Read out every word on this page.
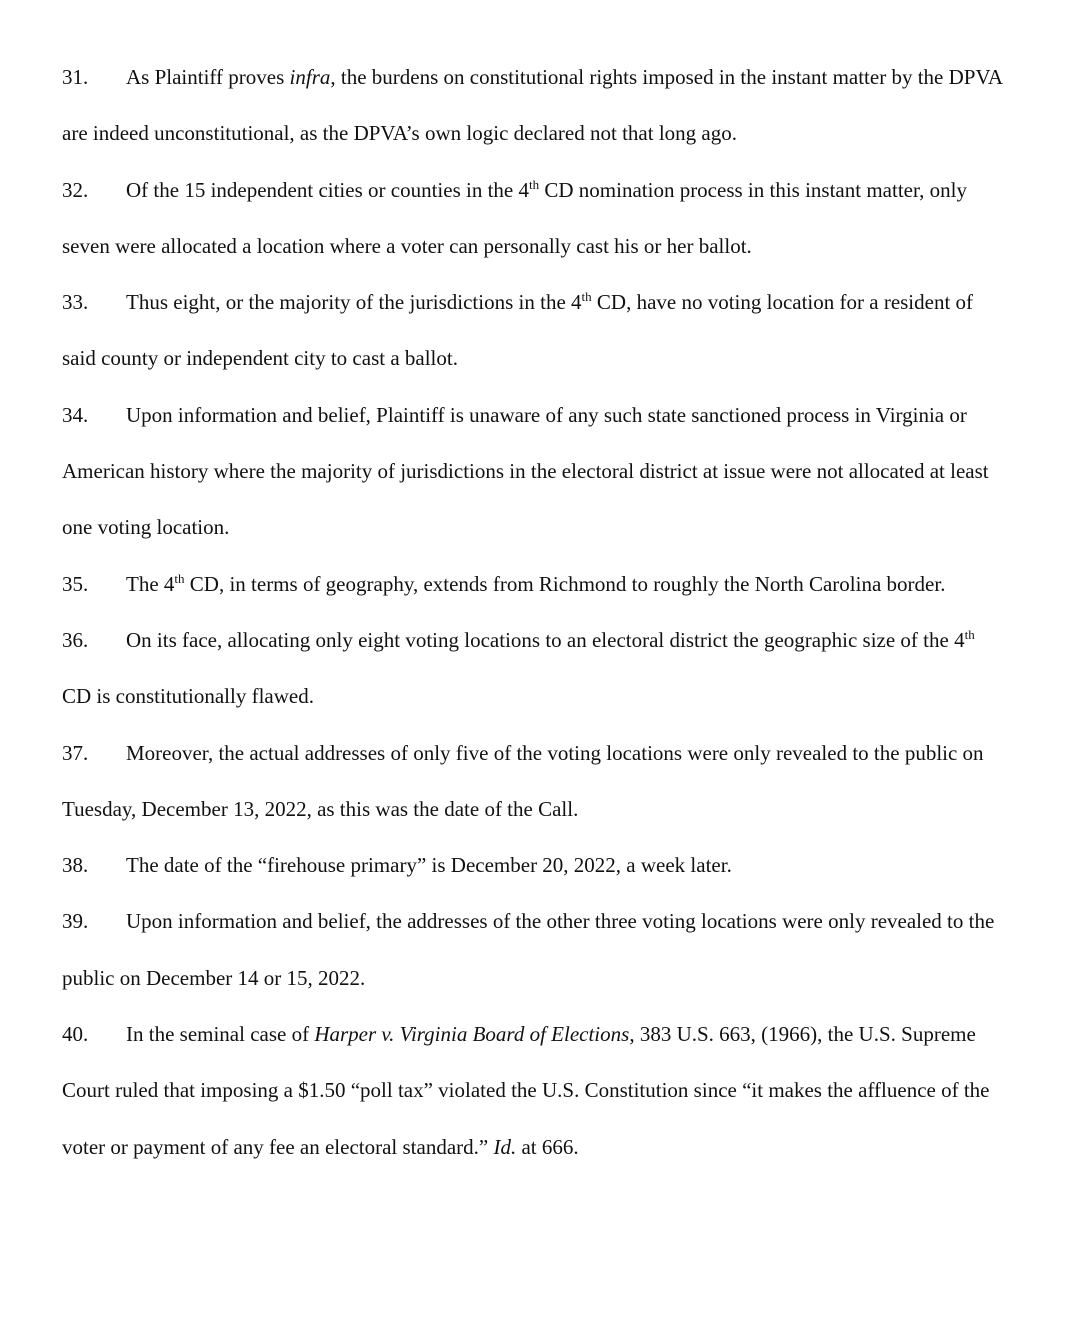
31. As Plaintiff proves infra, the burdens on constitutional rights imposed in the instant matter by the DPVA are indeed unconstitutional, as the DPVA’s own logic declared not that long ago.

32. Of the 15 independent cities or counties in the 4th CD nomination process in this instant matter, only seven were allocated a location where a voter can personally cast his or her ballot.

33. Thus eight, or the majority of the jurisdictions in the 4th CD, have no voting location for a resident of said county or independent city to cast a ballot.

34. Upon information and belief, Plaintiff is unaware of any such state sanctioned process in Virginia or American history where the majority of jurisdictions in the electoral district at issue were not allocated at least one voting location.

35. The 4th CD, in terms of geography, extends from Richmond to roughly the North Carolina border.

36. On its face, allocating only eight voting locations to an electoral district the geographic size of the 4th CD is constitutionally flawed.

37. Moreover, the actual addresses of only five of the voting locations were only revealed to the public on Tuesday, December 13, 2022, as this was the date of the Call.

38. The date of the “firehouse primary” is December 20, 2022, a week later.

39. Upon information and belief, the addresses of the other three voting locations were only revealed to the public on December 14 or 15, 2022.

40. In the seminal case of Harper v. Virginia Board of Elections, 383 U.S. 663, (1966), the U.S. Supreme Court ruled that imposing a $1.50 “poll tax” violated the U.S. Constitution since “it makes the affluence of the voter or payment of any fee an electoral standard.” Id. at 666.
